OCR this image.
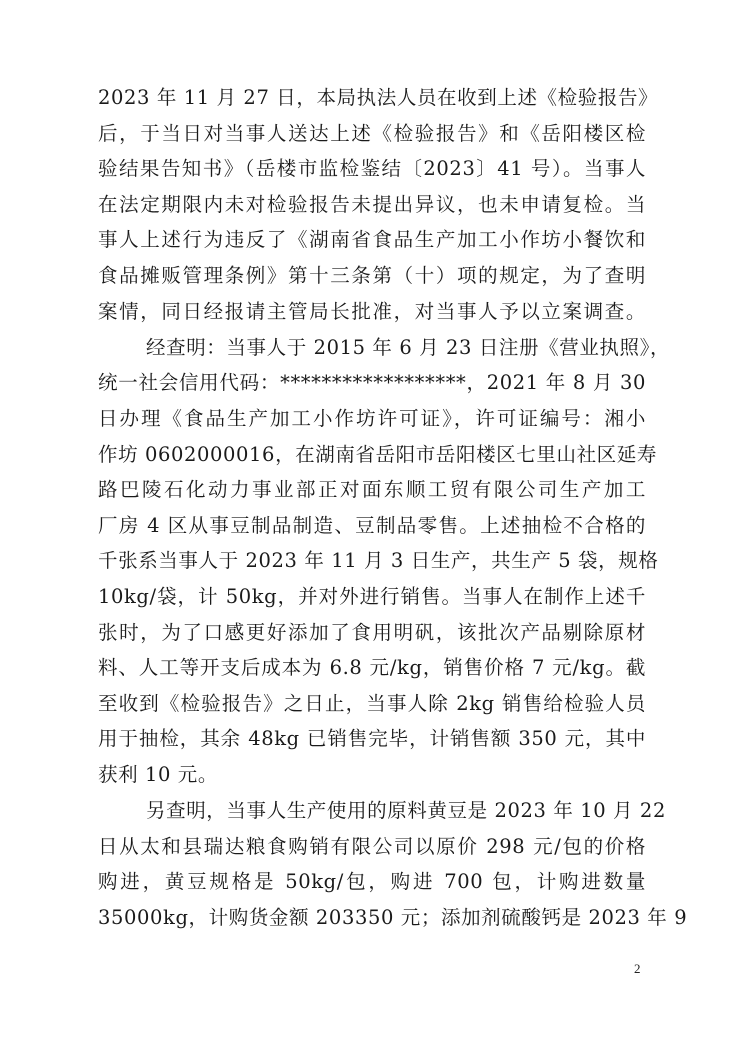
2023 年 11 月 27 日，本局执法人员在收到上述《检验报告》
后，于当日对当事人送达上述《检验报告》和《岳阳楼区检
验结果告知书》（岳楼市监检鉴结〔2023〕41 号）。当事人
在法定期限内未对检验报告未提出异议，也未申请复检。当
事人上述行为违反了《湖南省食品生产加工小作坊小餐饮和
食品摊贩管理条例》第十三条第（十）项的规定，为了查明
案情，同日经报请主管局长批准，对当事人予以立案调查。
经查明：当事人于 2015 年 6 月 23 日注册《营业执照》，
统一社会信用代码：******************，2021 年 8 月 30
日办理《食品生产加工小作坊许可证》，许可证编号：湘小
作坊 0602000016，在湖南省岳阳市岳阳楼区七里山社区延寿
路巴陵石化动力事业部正对面东顺工贸有限公司生产加工
厂房 4 区从事豆制品制造、豆制品零售。上述抽检不合格的
千张系当事人于 2023 年 11 月 3 日生产，共生产 5 袋，规格
10kg/袋，计 50kg，并对外进行销售。当事人在制作上述千
张时，为了口感更好添加了食用明矾，该批次产品剔除原材
料、人工等开支后成本为 6.8 元/kg，销售价格 7 元/kg。截
至收到《检验报告》之日止，当事人除 2kg 销售给检验人员
用于抽检，其余 48kg 已销售完毕，计销售额 350 元，其中
获利 10 元。
另查明，当事人生产使用的原料黄豆是 2023 年 10 月 22
日从太和县瑞达粮食购销有限公司以原价 298 元/包的价格
购进，黄豆规格是 50kg/包，购进 700 包，计购进数量
35000kg，计购货金额 203350 元；添加剂硫酸钙是 2023 年 9
2
